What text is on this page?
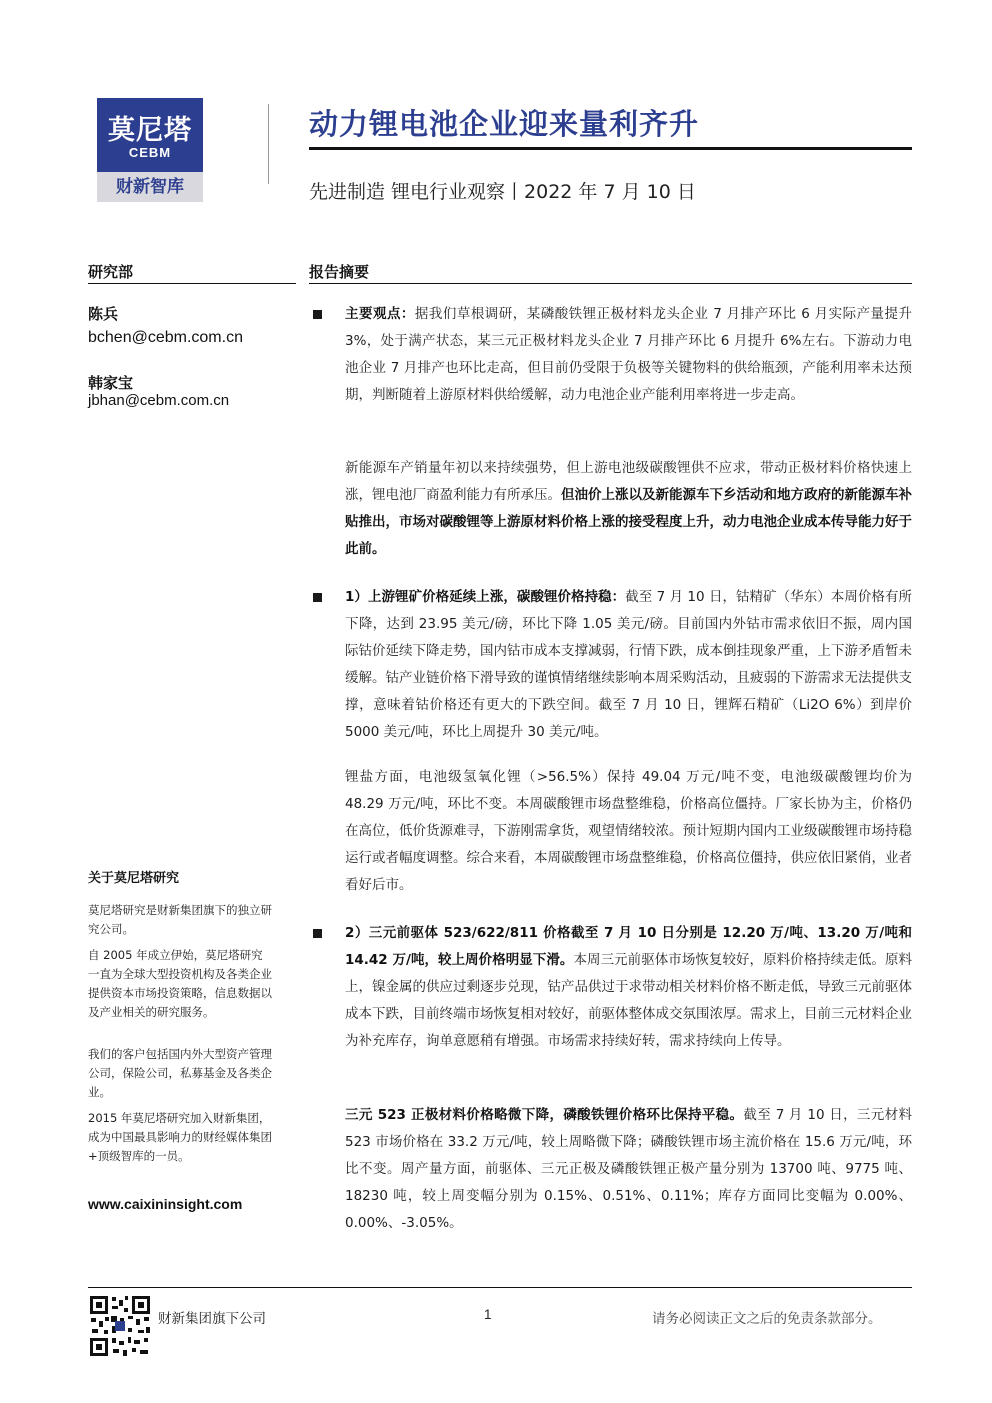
莫尼塔
CEBM
财新智库
动力锂电池企业迎来量利齐升
先进制造 锂电行业观察丨2022 年 7 月 10 日
研究部	报告摘要
陈兵
bchen@cebm.com.cn
韩家宝
jbhan@cebm.com.cn
关于莫尼塔研究
莫尼塔研究是财新集团旗下的独立研究公司。
自 2005 年成立伊始，莫尼塔研究一直为全球大型投资机构及各类企业提供资本市场投资策略，信息数据以及产业相关的研究服务。
我们的客户包括国内外大型资产管理公司，保险公司，私募基金及各类企业。
2015 年莫尼塔研究加入财新集团，成为中国最具影响力的财经媒体集团+顶级智库的一员。
www.caixininsight.com
主要观点：据我们草根调研，某磷酸铁锂正极材料龙头企业 7 月排产环比 6 月实际产量提升 3%，处于满产状态，某三元正极材料龙头企业 7 月排产环比 6 月提升 6%左右。下游动力电池企业 7 月排产也环比走高，但目前仍受限于负极等关键物料的供给瓶颈，产能利用率未达预期，判断随着上游原材料供给缓解，动力电池企业产能利用率将进一步走高。
新能源车产销量年初以来持续强势，但上游电池级碳酸锂供不应求，带动正极材料价格快速上涨，锂电池厂商盈利能力有所承压。但油价上涨以及新能源车下乡活动和地方政府的新能源车补贴推出，市场对碳酸锂等上游原材料价格上涨的接受程度上升，动力电池企业成本传导能力好于此前。
1）上游锂矿价格延续上涨，碳酸锂价格持稳：截至 7 月 10 日，钴精矿（华东）本周价格有所下降，达到 23.95 美元/磅，环比下降 1.05 美元/磅。目前国内外钴市需求依旧不振，周内国际钴价延续下降走势，国内钴市成本支撑减弱，行情下跌，成本倒挂现象严重，上下游矛盾暂未缓解。钴产业链价格下滑导致的谨慎情绪继续影响本周采购活动，且疲弱的下游需求无法提供支撑，意味着钴价格还有更大的下跌空间。截至 7 月 10 日，锂辉石精矿（Li2O 6%）到岸价 5000 美元/吨，环比上周提升 30 美元/吨。
锂盐方面，电池级氢氧化锂（>56.5%）保持 49.04 万元/吨不变，电池级碳酸锂均价为 48.29 万元/吨，环比不变。本周碳酸锂市场盘整维稳，价格高位僵持。厂家长协为主，价格仍在高位，低价货源难寻，下游刚需拿货，观望情绪较浓。预计短期内国内工业级碳酸锂市场持稳运行或者幅度调整。综合来看，本周碳酸锂市场盘整维稳，价格高位僵持，供应依旧紧俏，业者看好后市。
2）三元前驱体 523/622/811 价格截至 7 月 10 日分别是 12.20 万/吨、13.20 万/吨和 14.42 万/吨，较上周价格明显下滑。本周三元前驱体市场恢复较好，原料价格持续走低。原料上，镍金属的供应过剩逐步兑现，钴产品供过于求带动相关材料价格不断走低，导致三元前驱体成本下跌，目前终端市场恢复相对较好，前驱体整体成交氛围浓厚。需求上，目前三元材料企业为补充库存，询单意愿稍有增强。市场需求持续好转，需求持续向上传导。
三元 523 正极材料价格略微下降，磷酸铁锂价格环比保持平稳。截至 7 月 10 日，三元材料 523 市场价格在 33.2 万元/吨，较上周略微下降；磷酸铁锂市场主流价格在 15.6 万元/吨，环比不变。周产量方面，前驱体、三元正极及磷酸铁锂正极产量分别为 13700 吨、9775 吨、18230 吨，较上周变幅分别为 0.15%、0.51%、0.11%；库存方面同比变幅为 0.00%、0.00%、-3.05%。
财新集团旗下公司	1	请务必阅读正文之后的免责条款部分。
